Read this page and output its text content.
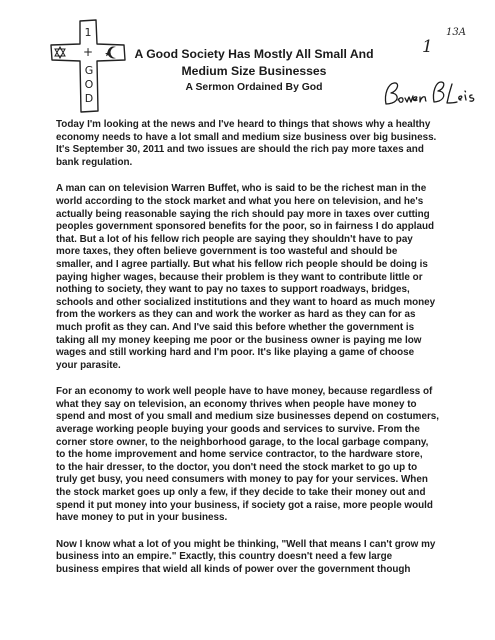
1
+
G
O
D
A Good Society Has Mostly All Small And
Medium Size Businesses
A Sermon Ordained By God
13A
1
Today I'm looking at the news and I've heard to things that shows why a healthy
economy needs to have a lot small and medium size business over big business.
It's September 30, 2011 and two issues are should the rich pay more taxes and
bank regulation.
A man can on television Warren Buffet, who is said to be the richest man in the
world according to the stock market and what you here on television, and he's
actually being reasonable saying the rich should pay more in taxes over cutting
peoples government sponsored benefits for the poor, so in fairness I do applaud
that. But a lot of his fellow rich people are saying they shouldn't have to pay
more taxes, they often believe government is too wasteful and should be
smaller, and I agree partially. But what his fellow rich people should be doing is
paying higher wages, because their problem is they want to contribute little or
nothing to society, they want to pay no taxes to support roadways, bridges,
schools and other socialized institutions and they want to hoard as much money
from the workers as they can and work the worker as hard as they can for as
much profit as they can. And I've said this before whether the government is
taking all my money keeping me poor or the business owner is paying me low
wages and still working hard and I'm poor. It's like playing a game of choose
your parasite.
For an economy to work well people have to have money, because regardless of
what they say on television, an economy thrives when people have money to
spend and most of you small and medium size businesses depend on costumers,
average working people buying your goods and services to survive. From the
corner store owner, to the neighborhood garage, to the local garbage company,
to the home improvement and home service contractor, to the hardware store,
to the hair dresser, to the doctor, you don't need the stock market to go up to
truly get busy, you need consumers with money to pay for your services. When
the stock market goes up only a few, if they decide to take their money out and
spend it put money into your business, if society got a raise, more people would
have money to put in your business.
Now I know what a lot of you might be thinking, "Well that means I can't grow my
business into an empire." Exactly, this country doesn't need a few large
business empires that wield all kinds of power over the government though
